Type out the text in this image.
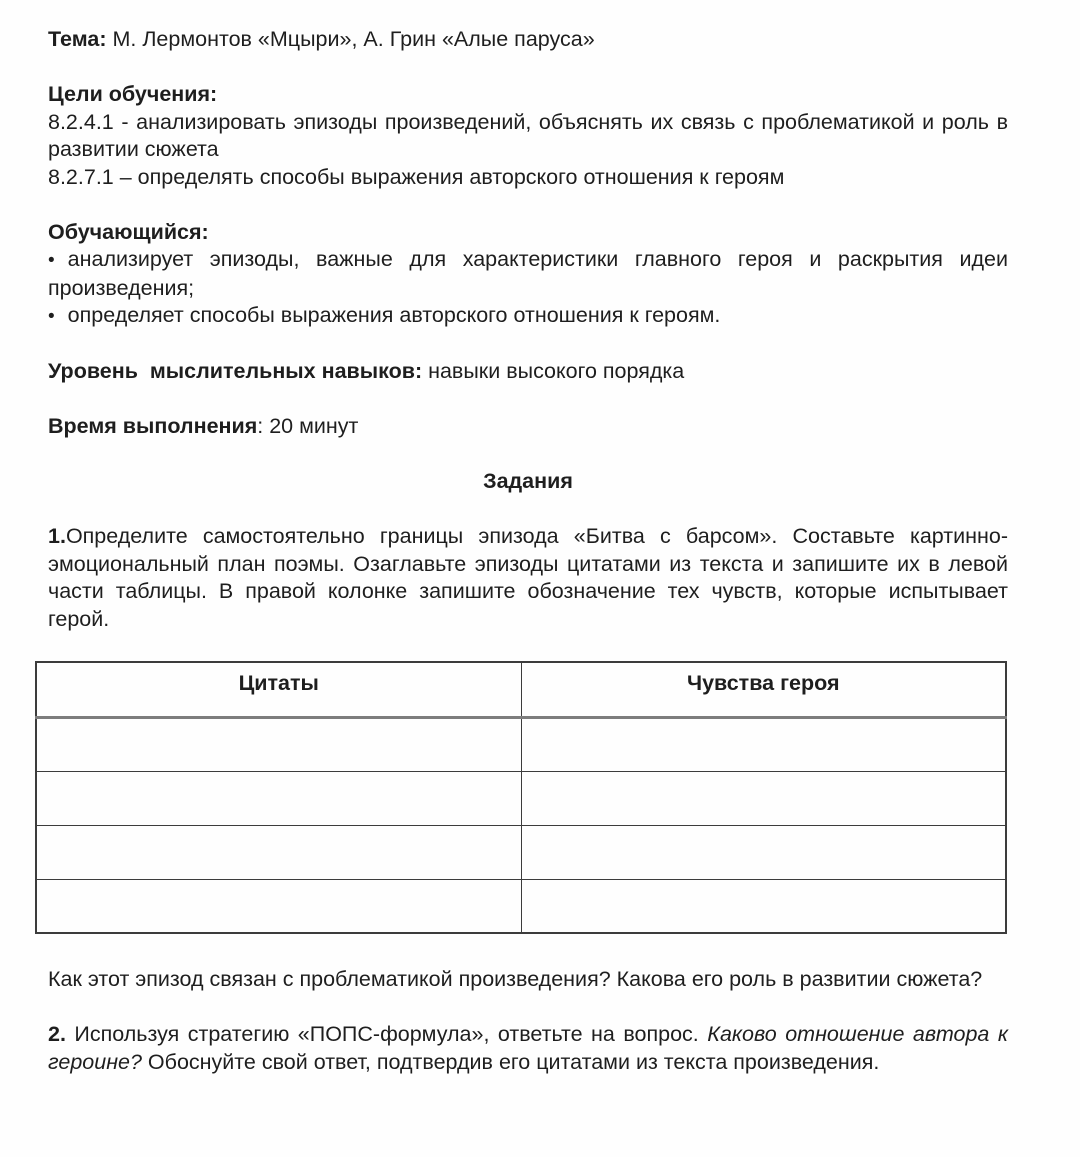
Тема: М. Лермонтов «Мцыри», А. Грин «Алые паруса»

Цели обучения:

8.2.4.1 - анализировать эпизоды произведений, объяснять их связь с проблематикой и роль в развитии сюжета

8.2.7.1 – определять способы выражения авторского отношения к героям

Обучающийся:

• анализирует эпизоды, важные для характеристики главного героя и раскрытия идеи произведения;

• определяет способы выражения авторского отношения к героям.

Уровень  мыслительных навыков: навыки высокого порядка

Время выполнения: 20 минут

Задания

1.Определите самостоятельно границы эпизода «Битва с барсом». Составьте картинно-эмоциональный план поэмы. Озаглавьте эпизоды цитатами из текста и запишите их в левой части таблицы. В правой колонке запишите обозначение тех чувств, которые испытывает герой.

Цитаты	Чувства героя

Как этот эпизод связан с проблематикой произведения? Какова его роль в развитии сюжета?

2. Используя стратегию «ПОПС-формула», ответьте на вопрос. Каково отношение автора к героине? Обоснуйте свой ответ, подтвердив его цитатами из текста произведения.
